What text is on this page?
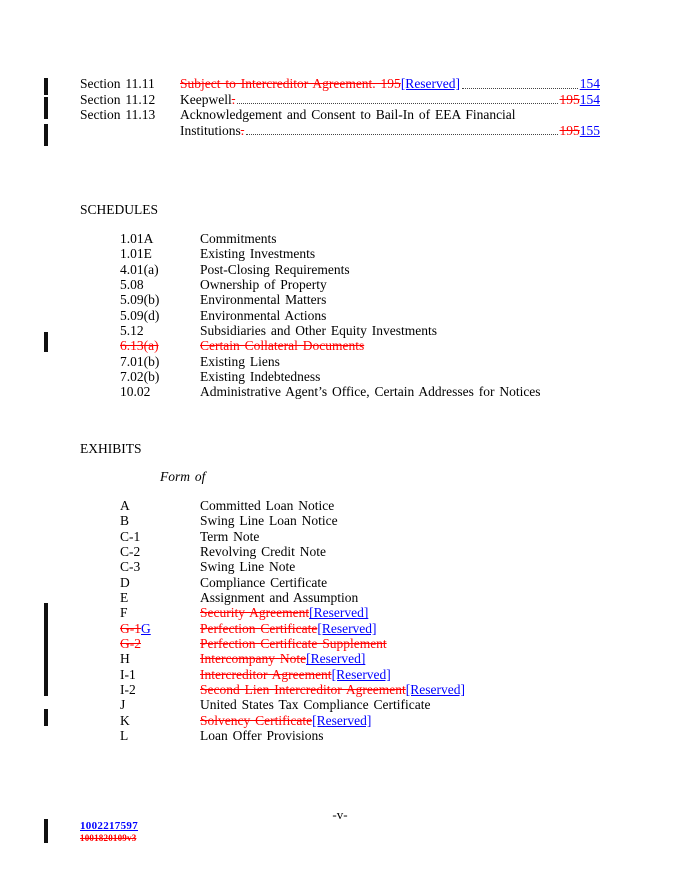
Section 11.11	Subject to Intercreditor Agreement. 195 [Reserved]	154
Section 11.12	Keepwell .	195 154
Section 11.13	Acknowledgement and Consent to Bail-In of EEA Financial
Institutions .	195 155
SCHEDULES
1.01A	Commitments
1.01E	Existing Investments
4.01(a)	Post-Closing Requirements
5.08	Ownership of Property
5.09(b)	Environmental Matters
5.09(d)	Environmental Actions
5.12	Subsidiaries and Other Equity Investments
6.13(a)	Certain Collateral Documents
7.01(b)	Existing Liens
7.02(b)	Existing Indebtedness
10.02	Administrative Agent’s Office, Certain Addresses for Notices
EXHIBITS
Form of
A	Committed Loan Notice
B	Swing Line Loan Notice
C-1	Term Note
C-2	Revolving Credit Note
C-3	Swing Line Note
D	Compliance Certificate
E	Assignment and Assumption
F	Security Agreement[Reserved]
G-1G	Perfection Certificate[Reserved]
G-2	Perfection Certificate Supplement
H	Intercompany Note[Reserved]
I-1	Intercreditor Agreement[Reserved]
I-2	Second Lien Intercreditor Agreement[Reserved]
J	United States Tax Compliance Certificate
K	Solvency Certificate[Reserved]
L	Loan Offer Provisions
-v-
1002217597
1001820109v3
